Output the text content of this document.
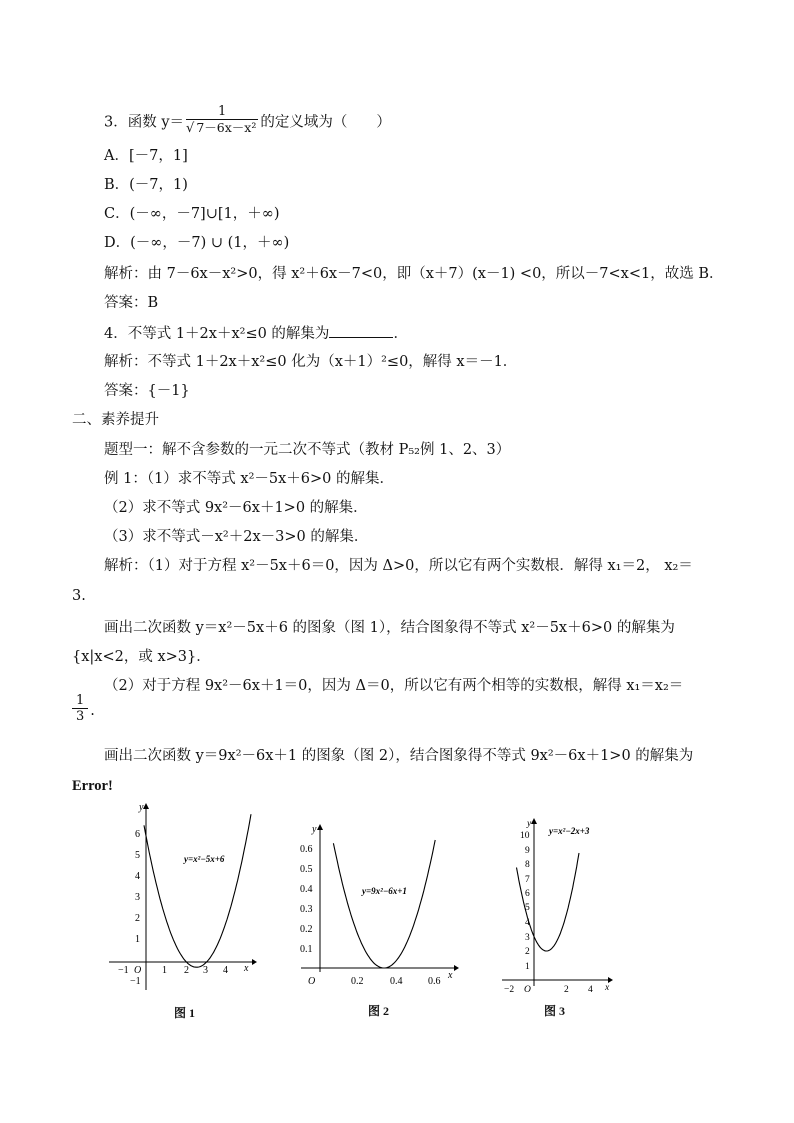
3．函数 $y= \frac{1}{\text{√ 7－6x－x²}}$ 的定义域为（　　）
A．[－7，1]
B．(－7，1)
C．(－∞，－7]∪[1，＋∞)
D．(－∞，－7) ∪ (1，＋∞)
解析：由 7－6x－x²>0，得 x²＋6x－7<0，即（x＋7）(x－1) <0，所以－7<x<1，故选 B．
答案：B
4．不等式 1＋2x＋x²≤0 的解集为	．
解析：不等式 1＋2x＋x²≤0 化为（x＋1）²≤0，解得 x＝－1．
答案：{－1}
二、素养提升
题型一：解不含参数的一元二次不等式（教材 P₅₂例 1、2、3）
例 1：（1）求不等式 x²－5x＋6>0 的解集．
（2）求不等式 9x²－6x＋1>0 的解集．
（3）求不等式－x²＋2x－3>0 的解集．
解析：（1）对于方程 x²－5x＋6＝0，因为 Δ>0，所以它有两个实数根．解得 x₁＝2， x₂＝
3.
画出二次函数 y＝x²－5x＋6 的图象（图 1），结合图象得不等式 x²－5x＋6>0 的解集为
{x|x<2，或 x>3}．
（2）对于方程 9x²－6x＋1＝0，因为 Δ＝0，所以它有两个相等的实数根，解得 x₁＝x₂＝
$\frac{1}{3}$ .
画出二次函数 y＝9x²－6x＋1 的图象（图 2），结合图象得不等式 9x²－6x＋1>0 的解集为
Error!
−1 O 1 2 3 4 x
6
5
4
3
2
1
−1
y
y=x²−5x+6
图 1
O	0.2	0.4	0.6
x
0.6
0.5
0.4
0.3
0.2
0.1
y
y=9x²−6x+1
图 2
−2 O	2 4 x
10
9
8
7
6
5
4
3
2
1
y
y=x²−2x+3
图 3
